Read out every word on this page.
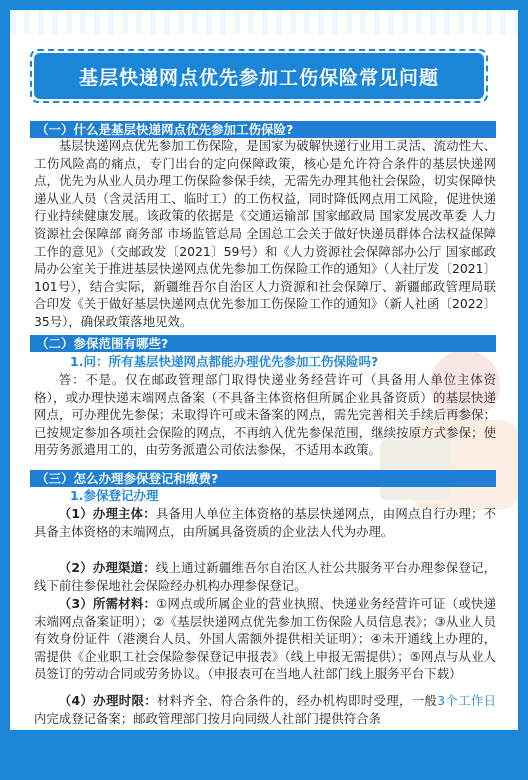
基层快递网点优先参加工伤保险常见问题
（一）什么是基层快递网点优先参加工伤保险?

基层快递网点优先参加工伤保险，是国家为破解快递行业用工灵活、流动性大、工伤风险高的痛点，专门出台的定向保障政策，核心是允许符合条件的基层快递网点，优先为从业人员办理工伤保险参保手续，无需先办理其他社会保险，切实保障快递从业人员（含灵活用工、临时工）的工伤权益，同时降低网点用工风险，促进快递行业持续健康发展。该政策的依据是《交通运输部 国家邮政局 国家发展改革委 人力资源社会保障部 商务部 市场监管总局 全国总工会关于做好快递员群体合法权益保障工作的意见》（交邮政发〔2021〕59号）和《人力资源社会保障部办公厅 国家邮政局办公室关于推进基层快递网点优先参加工伤保险工作的通知》（人社厅发〔2021〕101号），结合实际，新疆维吾尔自治区人力资源和社会保障厅、新疆邮政管理局联合印发《关于做好基层快递网点优先参加工伤保险工作的通知》（新人社函〔2022〕35号），确保政策落地见效。

（二）参保范围有哪些?
1.问：所有基层快递网点都能办理优先参加工伤保险吗?

答：不是。仅在邮政管理部门取得快递业务经营许可（具备用人单位主体资格），或办理快递末端网点备案（不具备主体资格但所属企业具备资质）的基层快递网点，可办理优先参保；未取得许可或未备案的网点，需先完善相关手续后再参保；已按规定参加各项社会保险的网点，不再纳入优先参保范围，继续按原方式参保；使用劳务派遣用工的，由劳务派遣公司依法参保，不适用本政策。

（三）怎么办理参保登记和缴费?
1.参保登记办理

（1）办理主体：具备用人单位主体资格的基层快递网点，由网点自行办理；不具备主体资格的末端网点，由所属具备资质的企业法人代为办理。

（2）办理渠道：线上通过新疆维吾尔自治区人社公共服务平台办理参保登记，线下前往参保地社会保险经办机构办理参保登记。

（3）所需材料：①网点或所属企业的营业执照、快递业务经营许可证（或快递末端网点备案证明）；②《基层快递网点优先参加工伤保险人员信息表》；③从业人员有效身份证件（港澳台人员、外国人需额外提供相关证明）；④未开通线上办理的，需提供《企业职工社会保险参保登记申报表》（线上申报无需提供）；⑤网点与从业人员签订的劳动合同或劳务协议。（申报表可在当地人社部门线上服务平台下载）

（4）办理时限：材料齐全、符合条件的，经办机构即时受理，一般3个工作日内完成登记备案；邮政管理部门按月向同级人社部门提供符合条
